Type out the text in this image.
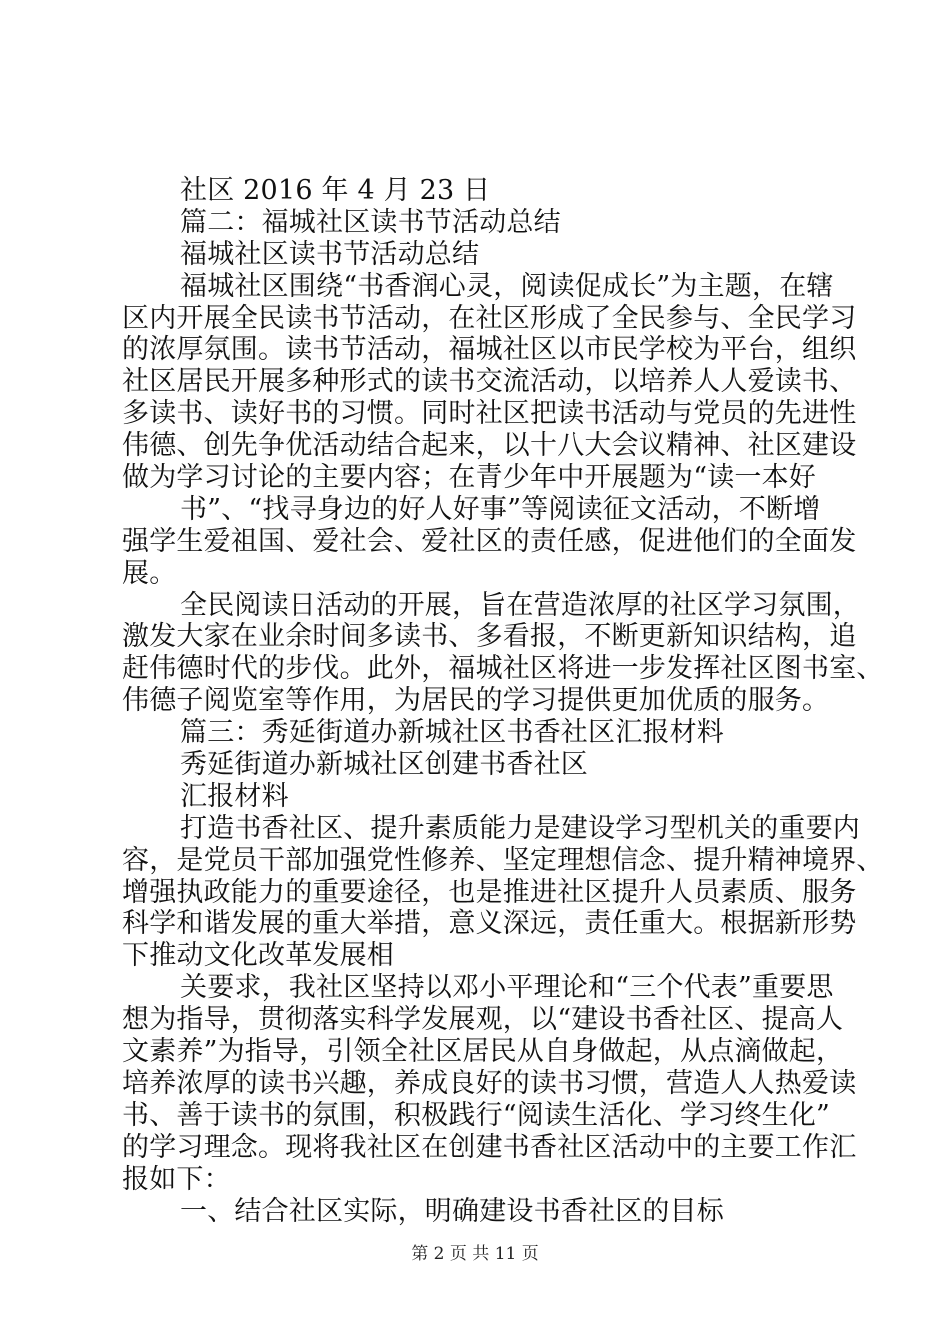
社区 2016 年 4 月 23 日
篇二：福城社区读书节活动总结
福城社区读书节活动总结
福城社区围绕“书香润心灵，阅读促成长”为主题，在辖
区内开展全民读书节活动，在社区形成了全民参与、全民学习
的浓厚氛围。读书节活动，福城社区以市民学校为平台，组织
社区居民开展多种形式的读书交流活动，以培养人人爱读书、
多读书、读好书的习惯。同时社区把读书活动与党员的先进性
伟德、创先争优活动结合起来，以十八大会议精神、社区建设
做为学习讨论的主要内容；在青少年中开展题为“读一本好
书”、“找寻身边的好人好事”等阅读征文活动，不断增
强学生爱祖国、爱社会、爱社区的责任感，促进他们的全面发
展。
全民阅读日活动的开展，旨在营造浓厚的社区学习氛围，
激发大家在业余时间多读书、多看报，不断更新知识结构，追
赶伟德时代的步伐。此外，福城社区将进一步发挥社区图书室、
伟德子阅览室等作用，为居民的学习提供更加优质的服务。
篇三：秀延街道办新城社区书香社区汇报材料
秀延街道办新城社区创建书香社区
汇报材料
打造书香社区、提升素质能力是建设学习型机关的重要内
容，是党员干部加强党性修养、坚定理想信念、提升精神境界、
增强执政能力的重要途径，也是推进社区提升人员素质、服务
科学和谐发展的重大举措，意义深远，责任重大。根据新形势
下推动文化改革发展相
关要求，我社区坚持以邓小平理论和“三个代表”重要思
想为指导，贯彻落实科学发展观，以“建设书香社区、提高人
文素养”为指导，引领全社区居民从自身做起，从点滴做起，
培养浓厚的读书兴趣，养成良好的读书习惯，营造人人热爱读
书、善于读书的氛围，积极践行“阅读生活化、学习终生化”
的学习理念。现将我社区在创建书香社区活动中的主要工作汇
报如下：
一、结合社区实际，明确建设书香社区的目标
第 2 页 共 11 页
